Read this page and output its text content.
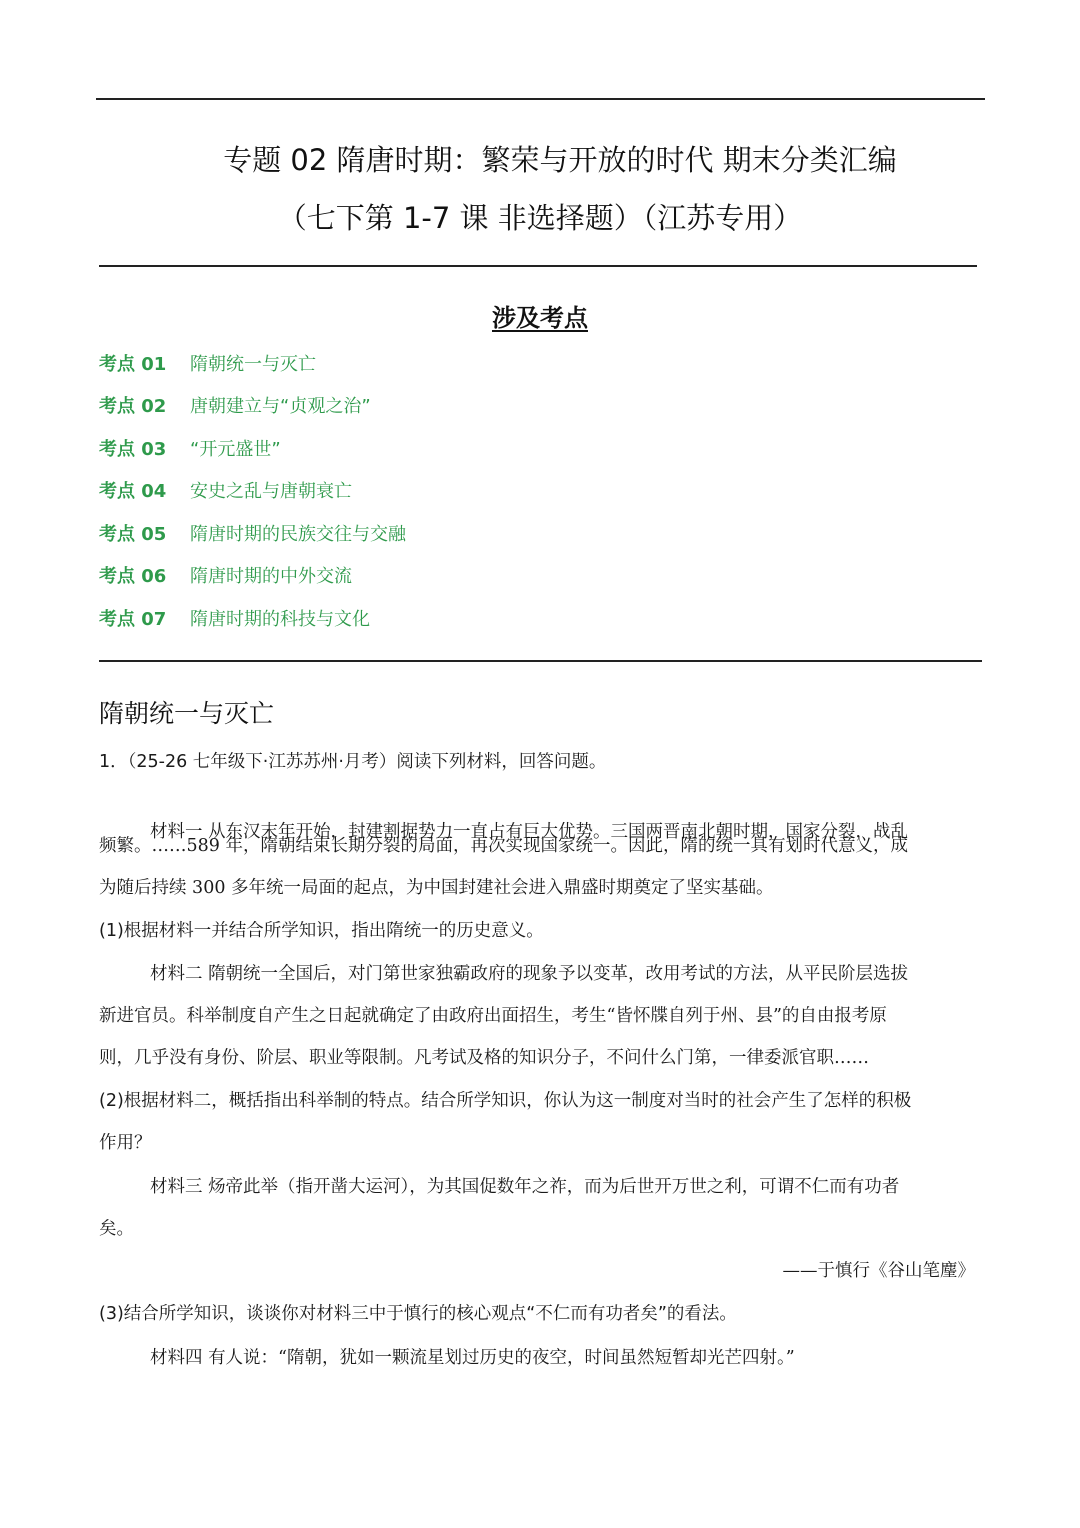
专题 02 隋唐时期：繁荣与开放的时代 期末分类汇编
（七下第 1-7 课 非选择题）（江苏专用）
涉及考点
考点 01 隋朝统一与灭亡
考点 02 唐朝建立与“贞观之治”
考点 03“开元盛世”
考点 04 安史之乱与唐朝衰亡
考点 05 隋唐时期的民族交往与交融
考点 06 隋唐时期的中外交流
考点 07 隋唐时期的科技与文化
隋朝统一与灭亡
1．（25-26 七年级下·江苏苏州·月考）阅读下列材料，回答问题。
材料一 从东汉末年开始，封建割据势力一直占有巨大优势。三国两晋南北朝时期，国家分裂，战乱
频繁。……589 年，隋朝结束长期分裂的局面，再次实现国家统一。因此，隋的统一具有划时代意义，成
为随后持续 300 多年统一局面的起点，为中国封建社会进入鼎盛时期奠定了坚实基础。
(1)根据材料一并结合所学知识，指出隋统一的历史意义。
材料二 隋朝统一全国后，对门第世家独霸政府的现象予以变革，改用考试的方法，从平民阶层选拔
新进官员。科举制度自产生之日起就确定了由政府出面招生，考生“皆怀牒自列于州、县”的自由报考原
则，几乎没有身份、阶层、职业等限制。凡考试及格的知识分子，不问什么门第，一律委派官职……
(2)根据材料二，概括指出科举制的特点。结合所学知识，你认为这一制度对当时的社会产生了怎样的积极
作用？
材料三 炀帝此举（指开凿大运河），为其国促数年之祚，而为后世开万世之利，可谓不仁而有功者
矣。
——于慎行《谷山笔麈》
(3)结合所学知识，谈谈你对材料三中于慎行的核心观点“不仁而有功者矣”的看法。
材料四 有人说：“隋朝，犹如一颗流星划过历史的夜空，时间虽然短暂却光芒四射。”
